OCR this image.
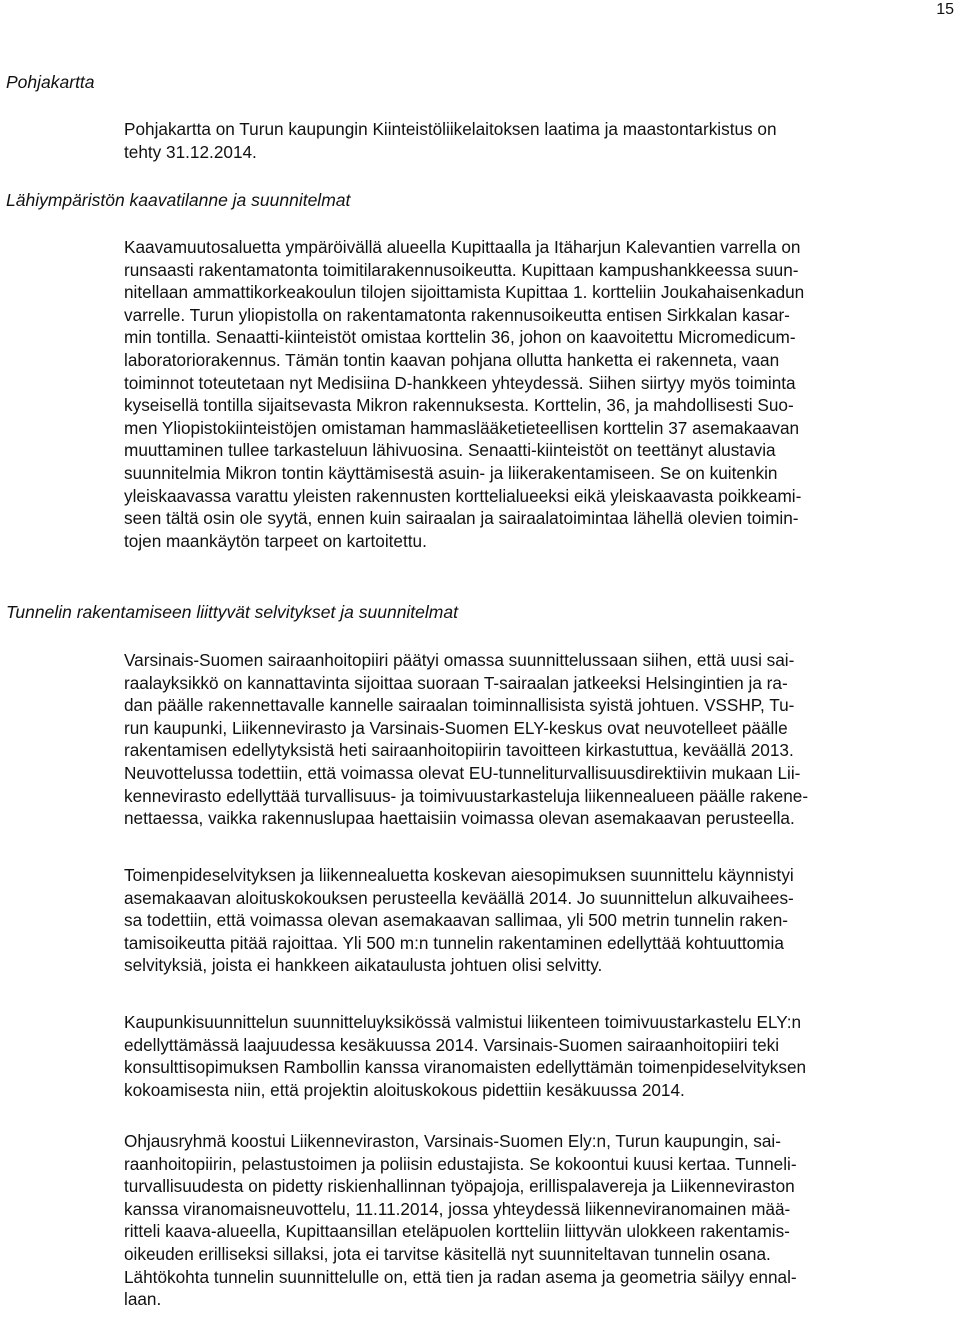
15
Pohjakartta
Pohjakartta on Turun kaupungin Kiinteistöliikelaitoksen laatima ja maastontarkistus on
tehty 31.12.2014.
Lähiympäristön kaavatilanne ja suunnitelmat
Kaavamuutosaluetta ympäröivällä alueella Kupittaalla ja Itäharjun Kalevantien varrella on
runsaasti rakentamatonta toimitilarakennusoikeutta. Kupittaan kampushankkeessa suun-
nitellaan ammattikorkeakoulun tilojen sijoittamista Kupittaa 1. kortteliin Joukahaisenkadun
varrelle. Turun yliopistolla on rakentamatonta rakennusoikeutta entisen Sirkkalan kasar-
min tontilla. Senaatti-kiinteistöt omistaa korttelin 36, johon on kaavoitettu Micromedicum-
laboratoriorakennus. Tämän tontin kaavan pohjana ollutta hanketta ei rakenneta, vaan
toiminnot toteutetaan nyt Medisiina D-hankkeen yhteydessä. Siihen siirtyy myös toiminta
kyseisellä tontilla sijaitsevasta Mikron rakennuksesta. Korttelin, 36, ja mahdollisesti Suo-
men Yliopistokiinteistöjen omistaman hammaslääketieteellisen korttelin 37 asemakaavan
muuttaminen tullee tarkasteluun lähivuosina. Senaatti-kiinteistöt on teettänyt alustavia
suunnitelmia Mikron tontin käyttämisestä asuin- ja liikerakentamiseen. Se on kuitenkin
yleiskaavassa varattu yleisten rakennusten korttelialueeksi eikä yleiskaavasta poikkeami-
seen tältä osin ole syytä, ennen kuin sairaalan ja sairaalatoimintaa lähellä olevien toimin-
tojen maankäytön tarpeet on kartoitettu.
Tunnelin rakentamiseen liittyvät selvitykset ja suunnitelmat
Varsinais-Suomen sairaanhoitopiiri päätyi omassa suunnittelussaan siihen, että uusi sai-
raalayksikkö on kannattavinta sijoittaa suoraan T-sairaalan jatkeeksi Helsingintien ja ra-
dan päälle rakennettavalle kannelle sairaalan toiminnallisista syistä johtuen. VSSHP, Tu-
run kaupunki, Liikennevirasto ja Varsinais-Suomen ELY-keskus ovat neuvotelleet päälle
rakentamisen edellytyksistä heti sairaanhoitopiirin tavoitteen kirkastuttua, keväällä 2013.
Neuvottelussa todettiin, että voimassa olevat EU-tunneliturvallisuusdirektiivin mukaan Lii-
kennevirasto edellyttää turvallisuus- ja toimivuustarkasteluja liikennealueen päälle rakene-
nettaessa, vaikka rakennuslupaa haettaisiin voimassa olevan asemakaavan perusteella.
Toimenpideselvityksen ja liikennealuetta koskevan aiesopimuksen suunnittelu käynnistyi
asemakaavan aloituskokouksen perusteella keväällä 2014. Jo suunnittelun alkuvaihees-
sa todettiin, että voimassa olevan asemakaavan sallimaa, yli 500 metrin tunnelin raken-
tamisoikeutta pitää rajoittaa. Yli 500 m:n tunnelin rakentaminen edellyttää kohtuuttomia
selvityksiä, joista ei hankkeen aikataulusta johtuen olisi selvitty.
Kaupunkisuunnittelun suunnitteluyksikössä valmistui liikenteen toimivuustarkastelu ELY:n
edellyttämässä laajuudessa kesäkuussa 2014. Varsinais-Suomen sairaanhoitopiiri teki
konsulttisopimuksen Rambollin kanssa viranomaisten edellyttämän toimenpideselvityksen
kokoamisesta niin, että projektin aloituskokous pidettiin kesäkuussa 2014.
Ohjausryhmä koostui Liikenneviraston, Varsinais-Suomen Ely:n, Turun kaupungin, sai-
raanhoitopiirin, pelastustoimen ja poliisin edustajista. Se kokoontui kuusi kertaa. Tunneli-
turvallisuudesta on pidetty riskienhallinnan työpajoja, erillispalavereja ja Liikenneviraston
kanssa viranomaisneuvottelu, 11.11.2014, jossa yhteydessä liikenneviranomainen mää-
ritteli kaava-alueella, Kupittaansillan eteläpuolen kortteliin liittyvän ulokkeen rakentamis-
oikeuden erilliseksi sillaksi, jota ei tarvitse käsitellä nyt suunniteltavan tunnelin osana.
Lähtökohta tunnelin suunnittelulle on, että tien ja radan asema ja geometria säilyy ennal-
laan.
